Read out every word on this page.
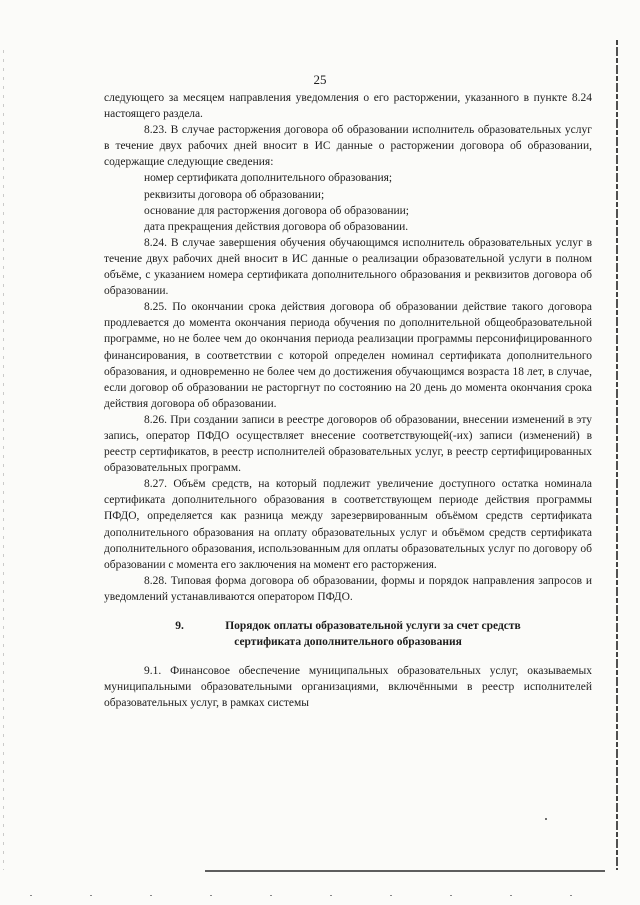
25

следующего за месяцем направления уведомления о его расторжении, указанного в пункте 8.24 настоящего раздела.

8.23. В случае расторжения договора об образовании исполнитель образовательных услуг в течение двух рабочих дней вносит в ИС данные о расторжении договора об образовании, содержащие следующие сведения:

номер сертификата дополнительного образования;

реквизиты договора об образовании;

основание для расторжения договора об образовании;

дата прекращения действия договора об образовании.

8.24. В случае завершения обучения обучающимся исполнитель образовательных услуг в течение двух рабочих дней вносит в ИС данные о реализации образовательной услуги в полном объёме, с указанием номера сертификата дополнительного образования и реквизитов договора об образовании.

8.25. По окончании срока действия договора об образовании действие такого договора продлевается до момента окончания периода обучения по дополнительной общеобразовательной программе, но не более чем до окончания периода реализации программы персонифицированного финансирования, в соответствии с которой определен номинал сертификата дополнительного образования, и одновременно не более чем до достижения обучающимся возраста 18 лет, в случае, если договор об образовании не расторгнут по состоянию на 20 день до момента окончания срока действия договора об образовании.

8.26. При создании записи в реестре договоров об образовании, внесении изменений в эту запись, оператор ПФДО осуществляет внесение соответствующей(-их) записи (изменений) в реестр сертификатов, в реестр исполнителей образовательных услуг, в реестр сертифицированных образовательных программ.

8.27. Объём средств, на который подлежит увеличение доступного остатка номинала сертификата дополнительного образования в соответствующем периоде действия программы ПФДО, определяется как разница между зарезервированным объёмом средств сертификата дополнительного образования на оплату образовательных услуг и объёмом средств сертификата дополнительного образования, использованным для оплаты образовательных услуг по договору об образовании с момента его заключения на момент его расторжения.

8.28. Типовая форма договора об образовании, формы и порядок направления запросов и уведомлений устанавливаются оператором ПФДО.

9.	Порядок оплаты образовательной услуги за счет средств
сертификата дополнительного образования

9.1. Финансовое обеспечение муниципальных образовательных услуг, оказываемых муниципальными образовательными организациями, включёнными в реестр исполнителей образовательных услуг, в рамках системы
